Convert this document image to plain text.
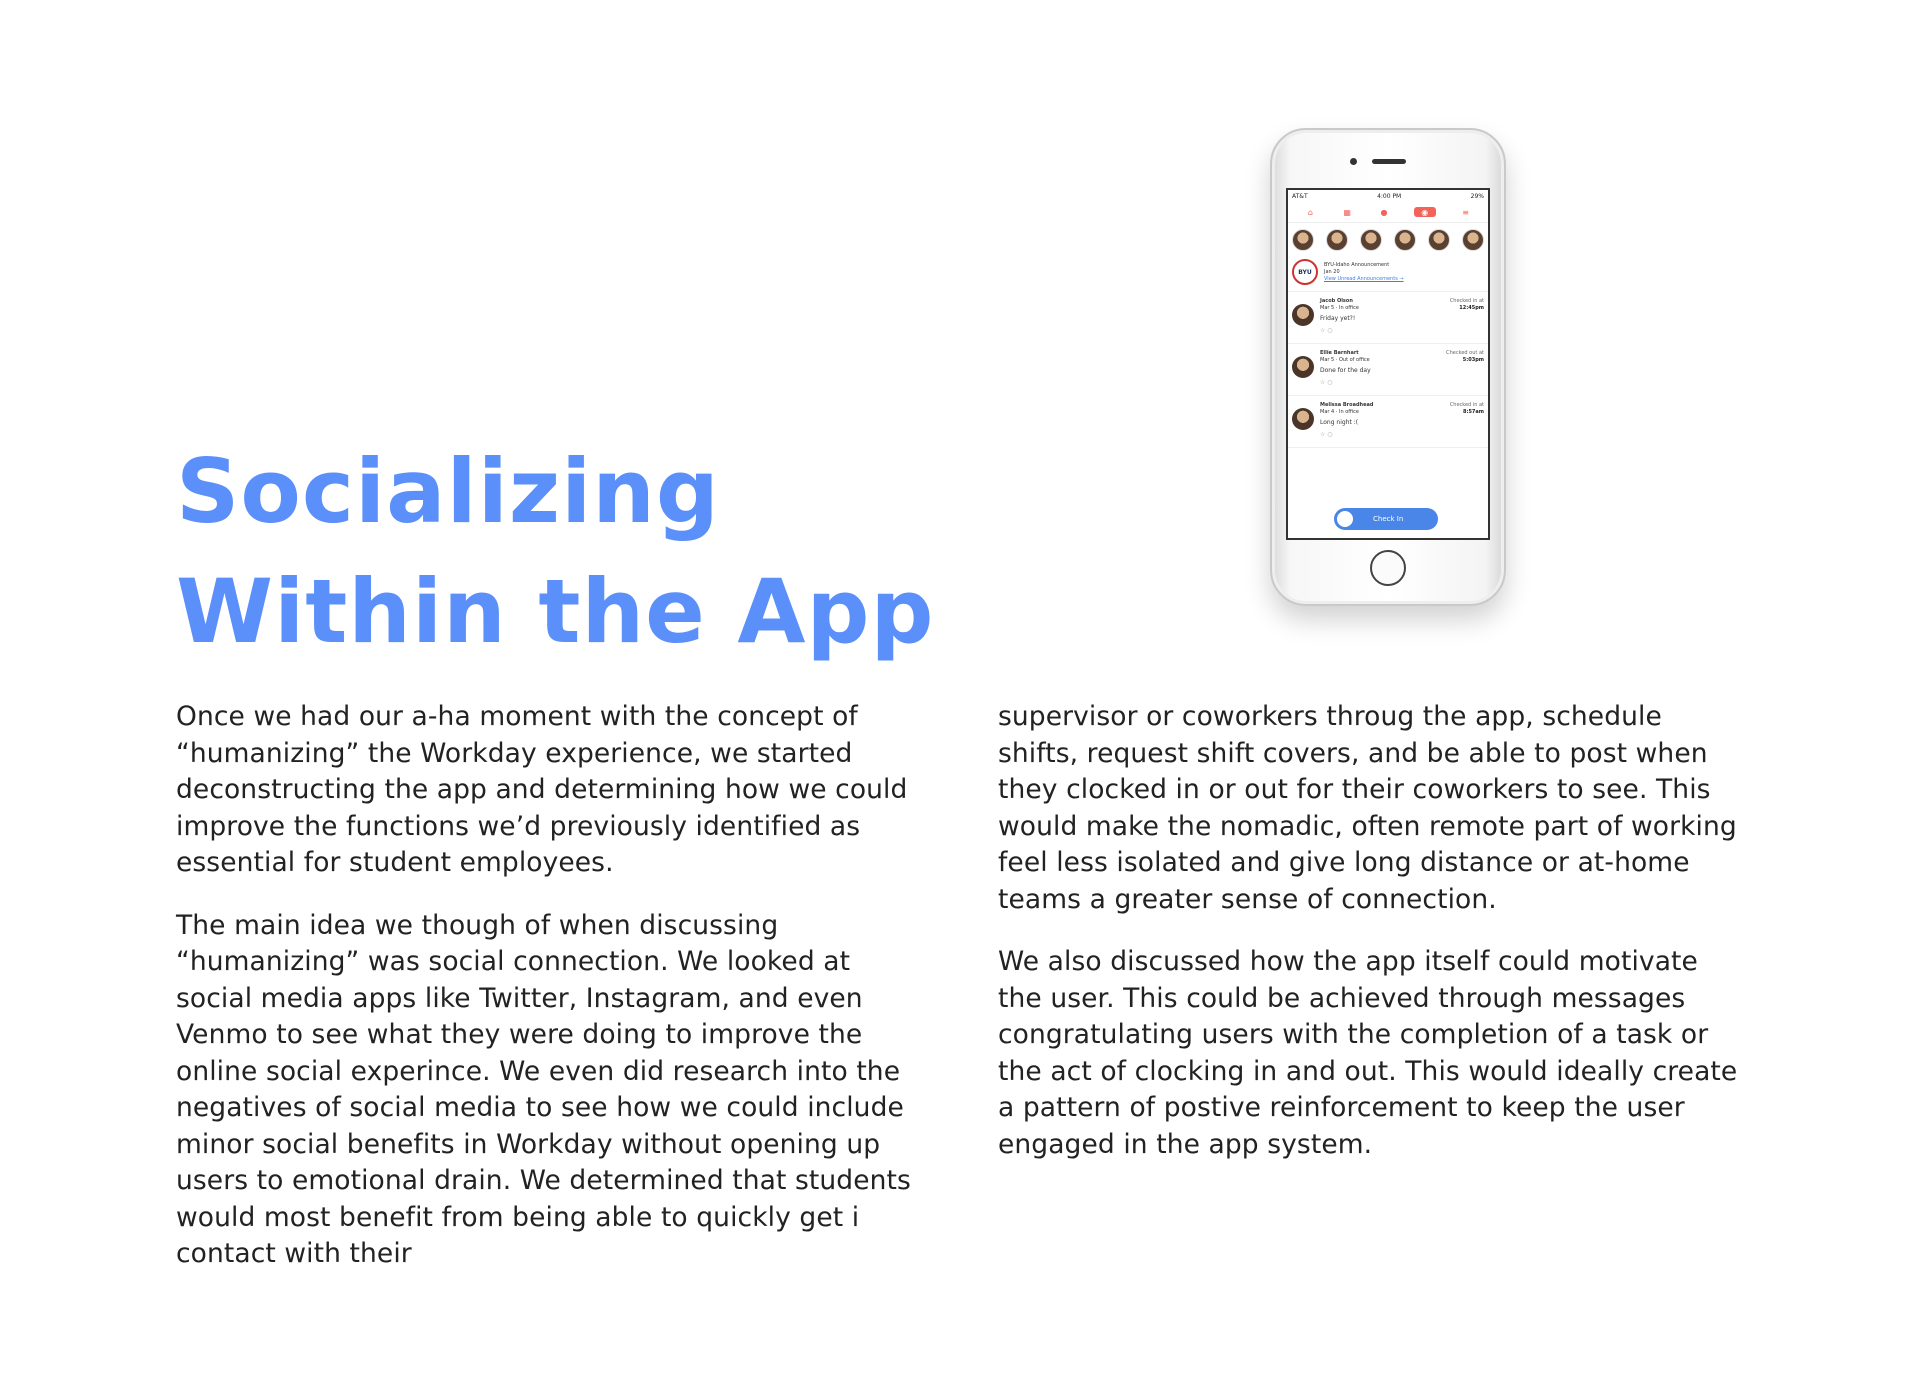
Socializing
Within the App

Once we had our a-ha moment with the concept of “humanizing” the Workday experience, we started deconstructing the app and determining how we could improve the functions we’d previously identified as essential for student employees.

The main idea we though of when discussing “humanizing” was social connection. We looked at social media apps like Twitter, Instagram, and even Venmo to see what they were doing to improve the online social experince. We even did research into the negatives of social media to see how we could include minor social benefits in Workday without opening up users to emotional drain. We determined that students would most benefit from being able to quickly get i contact with their

supervisor or coworkers throug the app, schedule shifts, request shift covers, and be able to post when they clocked in or out for their coworkers to see. This would make the nomadic, often remote part of working feel less isolated and give long distance or at-home teams a greater sense of connection.

We also discussed how the app itself could motivate the user. This could be achieved through messages congratulating users with the completion of a task or the act of clocking in and out. This would ideally create a pattern of postive reinforcement to keep the user engaged in the app system.

AT&T	4:00 PM	29%
⌂	▦	●	◉	≡
BYU
BYU-Idaho Announcement
Jan 20
View Unread Announcements →
Jacob Olson
Mar 5 · In office
Friday yet?!
☆ ○
Checked in at
12:45pm
Ellie Barnhart
Mar 5 · Out of office
Done for the day
☆ ○
Checked out at
5:03pm
Melissa Broadhead
Mar 4 · In office
Long night :(
☆ ○
Checked in at
8:57am
Check In
